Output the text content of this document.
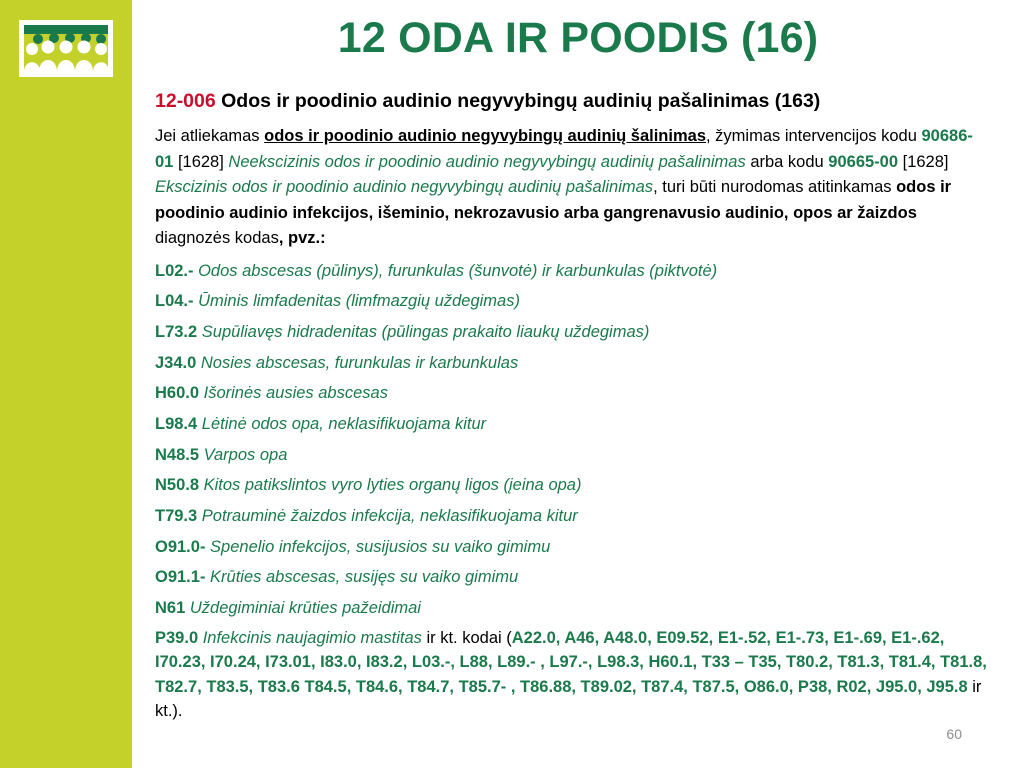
12 ODA IR POODIS (16)

12-006 Odos ir poodinio audinio negyvybingų audinių pašalinimas (163)

Jei atliekamas odos ir poodinio audinio negyvybingų audinių šalinimas, žymimas intervencijos kodu 90686-01 [1628] Neekscizinis odos ir poodinio audinio negyvybingų audinių pašalinimas arba kodu 90665-00 [1628] Ekscizinis odos ir poodinio audinio negyvybingų audinių pašalinimas, turi būti nurodomas atitinkamas odos ir poodinio audinio infekcijos, išeminio, nekrozavusio arba gangrenavusio audinio, opos ar žaizdos diagnozės kodas, pvz.:

L02.- Odos abscesas (pūlinys), furunkulas (šunvotė) ir karbunkulas (piktvotė)
L04.- Ūminis limfadenitas (limfmazgių uždegimas)
L73.2 Supūliavęs hidradenitas (pūlingas prakaito liaukų uždegimas)
J34.0 Nosies abscesas, furunkulas ir karbunkulas
H60.0 Išorinės ausies abscesas
L98.4 Lėtinė odos opa, neklasifikuojama kitur
N48.5 Varpos opa
N50.8 Kitos patikslintos vyro lyties organų ligos (įeina opa)
T79.3 Potrauminė žaizdos infekcija, neklasifikuojama kitur
O91.0- Spenelio infekcijos, susijusios su vaiko gimimu
O91.1- Krūties abscesas, susijęs su vaiko gimimu
N61 Uždegiminiai krūties pažeidimai

P39.0 Infekcinis naujagimio mastitas ir kt. kodai (A22.0, A46, A48.0, E09.52, E1-.52, E1-.73, E1-.69, E1-.62, I70.23, I70.24, I73.01, I83.0, I83.2, L03.-, L88, L89.- , L97.-, L98.3, H60.1, T33 – T35, T80.2, T81.3, T81.4, T81.8, T82.7, T83.5, T83.6 T84.5, T84.6, T84.7, T85.7- , T86.88, T89.02, T87.4, T87.5, O86.0, P38, R02, J95.0, J95.8 ir kt.).

60
